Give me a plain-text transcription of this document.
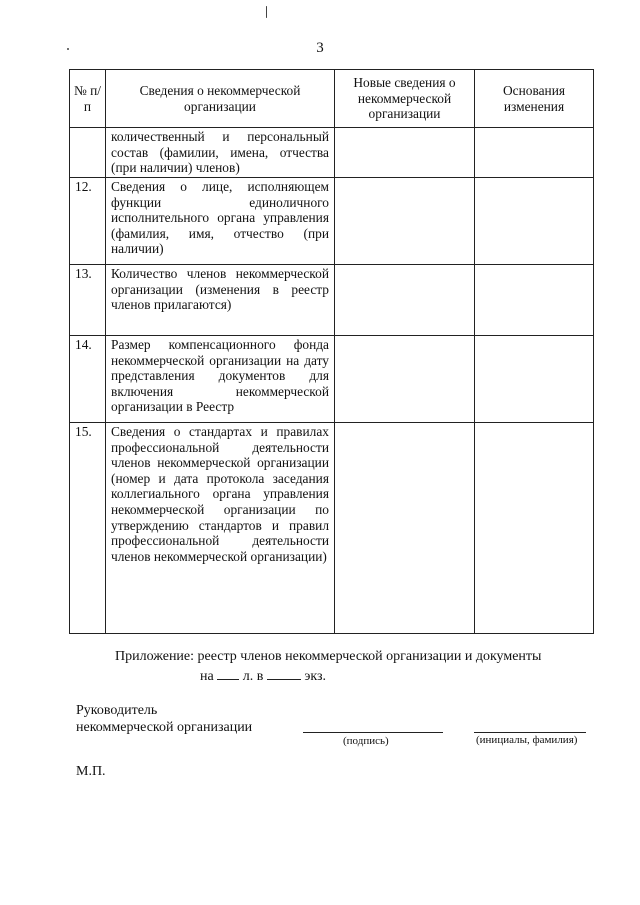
3
№ п/п	Сведения о некоммерческой организации	Новые сведения о некоммерческой организации	Основания изменения
	количественный и персональный состав (фамилии, имена, отчества (при наличии) членов)		
12.	Сведения о лице, исполняющем функции единоличного исполнительного органа управления (фамилия, имя, отчество (при наличии)		
13.	Количество членов некоммерческой организации (изменения в реестр членов прилагаются)		
14.	Размер компенсационного фонда некоммерческой организации на дату представления документов для включения некоммерческой организации в Реестр		
15.	Сведения о стандартах и правилах профессиональной деятельности членов некоммерческой организации (номер и дата протокола заседания коллегиального органа управления некоммерческой организации по утверждению стандартов и правил профессиональной деятельности членов некоммерческой организации)		
Приложение: реестр членов некоммерческой организации и документы
на л. в	экз.
Руководитель
некоммерческой организации
(подпись)	(инициалы, фамилия)
М.П.
